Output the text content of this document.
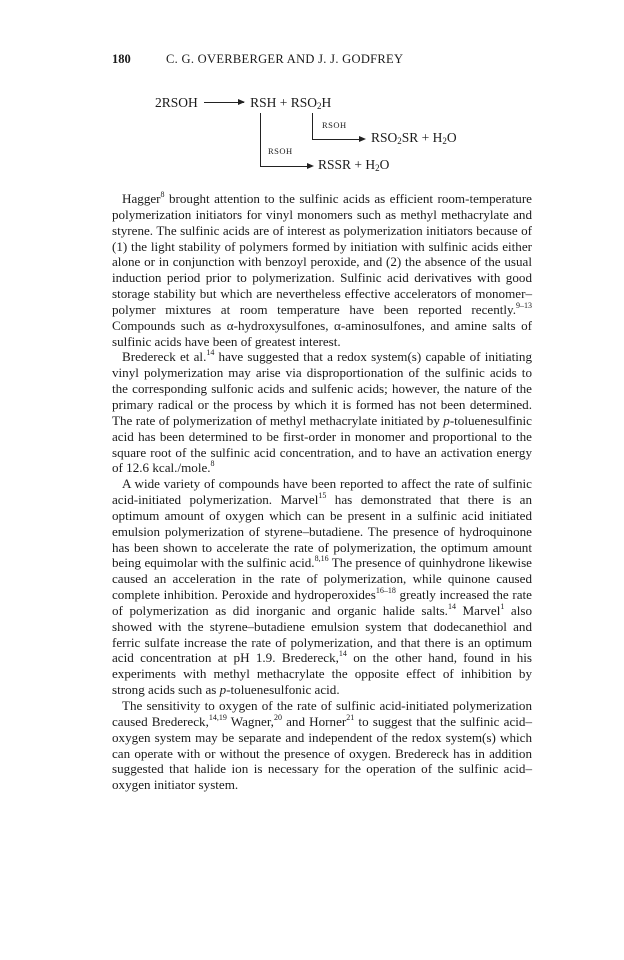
180	C. G. OVERBERGER AND J. J. GODFREY
2RSOH → RSH + $RSO_2H$
RSOH
$RSO_2SR + H_2O$
RSOH
RSSR + $H_2O$

Hagger$^8$ brought attention to the sulfinic acids as efficient room-temperature polymerization initiators for vinyl monomers such as methyl methacrylate and styrene. The sulfinic acids are of interest as polymerization initiators because of (1) the light stability of polymers formed by initiation with sulfinic acids either alone or in conjunction with benzoyl peroxide, and (2) the absence of the usual induction period prior to polymerization. Sulfinic acid derivatives with good storage stability but which are nevertheless effective accelerators of monomer–polymer mixtures at room temperature have been reported recently.$^{9-13}$ Compounds such as α-hydroxysulfones, α-aminosulfones, and amine salts of sulfinic acids have been of greatest interest.

Bredereck et al.$^{14}$ have suggested that a redox system(s) capable of initiating vinyl polymerization may arise via disproportionation of the sulfinic acids to the corresponding sulfonic acids and sulfenic acids; however, the nature of the primary radical or the process by which it is formed has not been determined. The rate of polymerization of methyl methacrylate initiated by p-toluenesulfinic acid has been determined to be first-order in monomer and proportional to the square root of the sulfinic acid concentration, and to have an activation energy of 12.6 kcal./mole.$^8$

A wide variety of compounds have been reported to affect the rate of sulfinic acid-initiated polymerization. Marvel$^{15}$ has demonstrated that there is an optimum amount of oxygen which can be present in a sulfinic acid initiated emulsion polymerization of styrene–butadiene. The presence of hydroquinone has been shown to accelerate the rate of polymerization, the optimum amount being equimolar with the sulfinic acid.$^{8,16}$ The presence of quinhydrone likewise caused an acceleration in the rate of polymerization, while quinone caused complete inhibition. Peroxide and hydroperoxides$^{16-18}$ greatly increased the rate of polymerization as did inorganic and organic halide salts.$^{14}$ Marvel$^1$ also showed with the styrene–butadiene emulsion system that dodecanethiol and ferric sulfate increase the rate of polymerization, and that there is an optimum acid concentration at pH 1.9. Bredereck,$^{14}$ on the other hand, found in his experiments with methyl methacrylate the opposite effect of inhibition by strong acids such as p-toluenesulfonic acid.

The sensitivity to oxygen of the rate of sulfinic acid-initiated polymerization caused Bredereck,$^{14,19}$ Wagner,$^{20}$ and Horner$^{21}$ to suggest that the sulfinic acid–oxygen system may be separate and independent of the redox system(s) which can operate with or without the presence of oxygen. Bredereck has in addition suggested that halide ion is necessary for the operation of the sulfinic acid–oxygen initiator system.
